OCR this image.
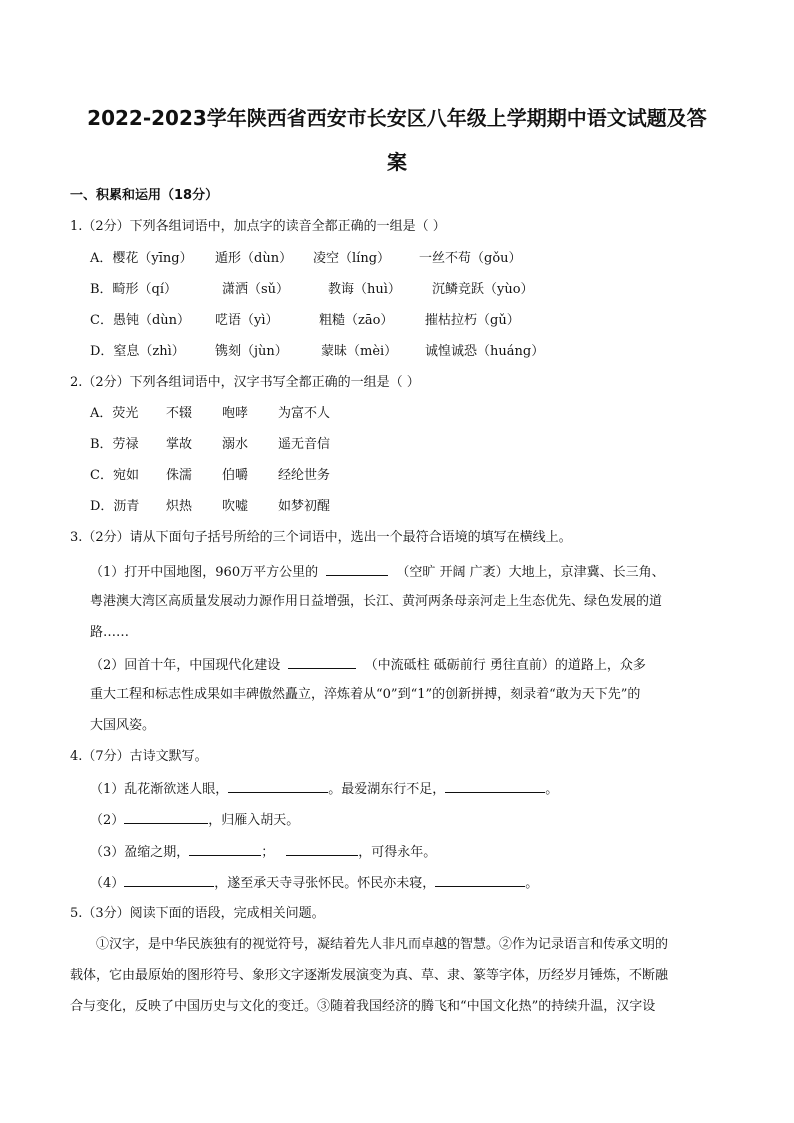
2022-2023学年陕西省西安市长安区八年级上学期期中语文试题及答
案
一、积累和运用（18分）
1.（2分）下列各组词语中，加点字的读音全都正确的一组是（ ）
A．樱花（yīng）	遁形（dùn）	凌空（líng）	一丝不苟（gǒu）
B．畸形（qí）	潇洒（sǔ）	教诲（huì）	沉鳞竞跃（yùo）
C．愚钝（dùn）	呓语（yì）	粗糙（zāo）	摧枯拉朽（gǔ）
D．窒息（zhì）	镌刻（jùn）	蒙昧（mèi）	诚惶诚恐（huáng）
2.（2分）下列各组词语中，汉字书写全都正确的一组是（ ）
A．荧光	不辍	咆哮	为富不人
B．劳禄	掌故	溺水	遥无音信
C．宛如	侏濡	伯嚼	经纶世务
D．沥青	炽热	吹嘘	如梦初醒
3.（2分）请从下面句子括号所给的三个词语中，选出一个最符合语境的填写在横线上。
（1）打开中国地图，960万平方公里的	（空旷 开阔 广袤）大地上，京津冀、长三角、
粤港澳大湾区高质量发展动力源作用日益增强，长江、黄河两条母亲河走上生态优先、绿色发展的道
路……
（2）回首十年，中国现代化建设	（中流砥柱 砥砺前行 勇往直前）的道路上，众多
重大工程和标志性成果如丰碑傲然矗立，淬炼着从“0”到“1”的创新拼搏，刻录着“敢为天下先”的
大国风姿。
4.（7分）古诗文默写。
（1）乱花渐欲迷人眼，	。最爱湖东行不足，	。
（2）	，归雁入胡天。
（3）盈缩之期，	；	，可得永年。
（4）	，遂至承天寺寻张怀民。怀民亦未寝，	。
5.（3分）阅读下面的语段，完成相关问题。
①汉字，是中华民族独有的视觉符号，凝结着先人非凡而卓越的智慧。②作为记录语言和传承文明的
载体，它由最原始的图形符号、象形文字逐渐发展演变为真、草、隶、篆等字体，历经岁月锤炼，不断融
合与变化，反映了中国历史与文化的变迁。③随着我国经济的腾飞和“中国文化热”的持续升温，汉字设
